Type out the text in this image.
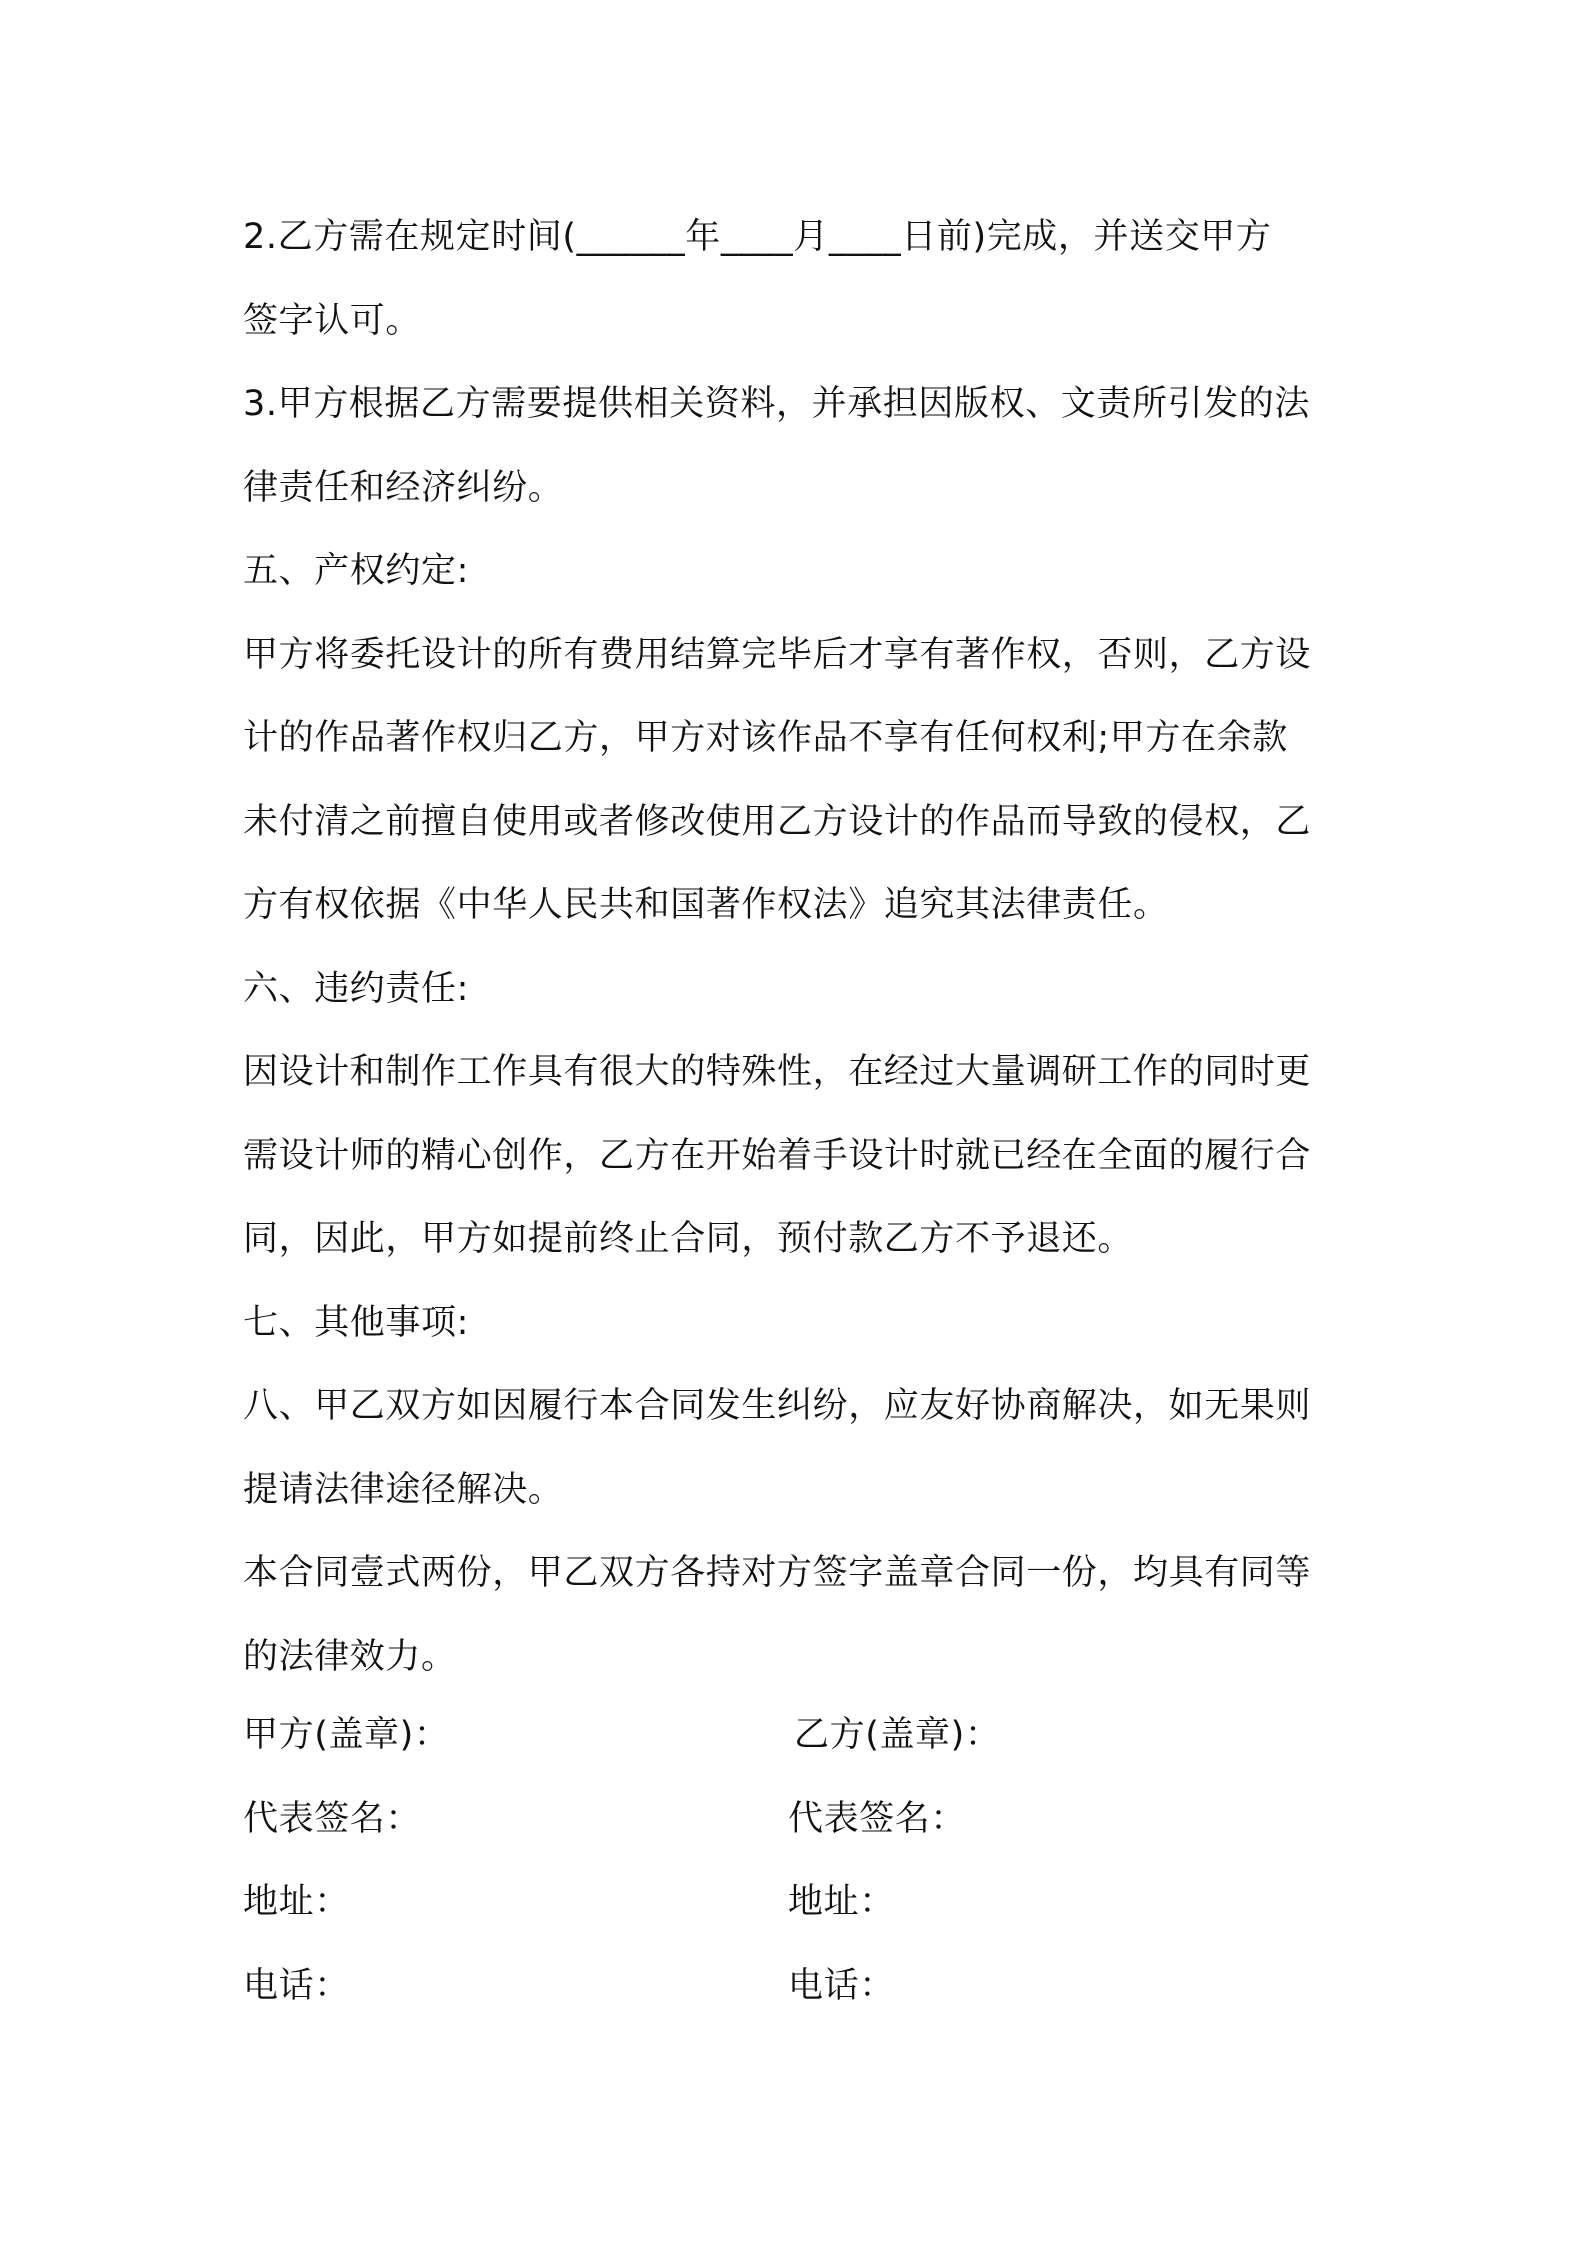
2.乙方需在规定时间(______年____月____日前)完成，并送交甲方

签字认可。

3.甲方根据乙方需要提供相关资料，并承担因版权、文责所引发的法

律责任和经济纠纷。

五、产权约定:

甲方将委托设计的所有费用结算完毕后才享有著作权，否则，乙方设

计的作品著作权归乙方，甲方对该作品不享有任何权利;甲方在余款

未付清之前擅自使用或者修改使用乙方设计的作品而导致的侵权，乙

方有权依据《中华人民共和国著作权法》追究其法律责任。

六、违约责任:

因设计和制作工作具有很大的特殊性，在经过大量调研工作的同时更

需设计师的精心创作，乙方在开始着手设计时就已经在全面的履行合

同，因此，甲方如提前终止合同，预付款乙方不予退还。

七、其他事项:

八、甲乙双方如因履行本合同发生纠纷，应友好协商解决，如无果则

提请法律途径解决。

本合同壹式两份，甲乙双方各持对方签字盖章合同一份，均具有同等

的法律效力。

甲方(盖章)：	乙方(盖章)：
代表签名：	代表签名：
地址：	地址：
电话：	电话：
